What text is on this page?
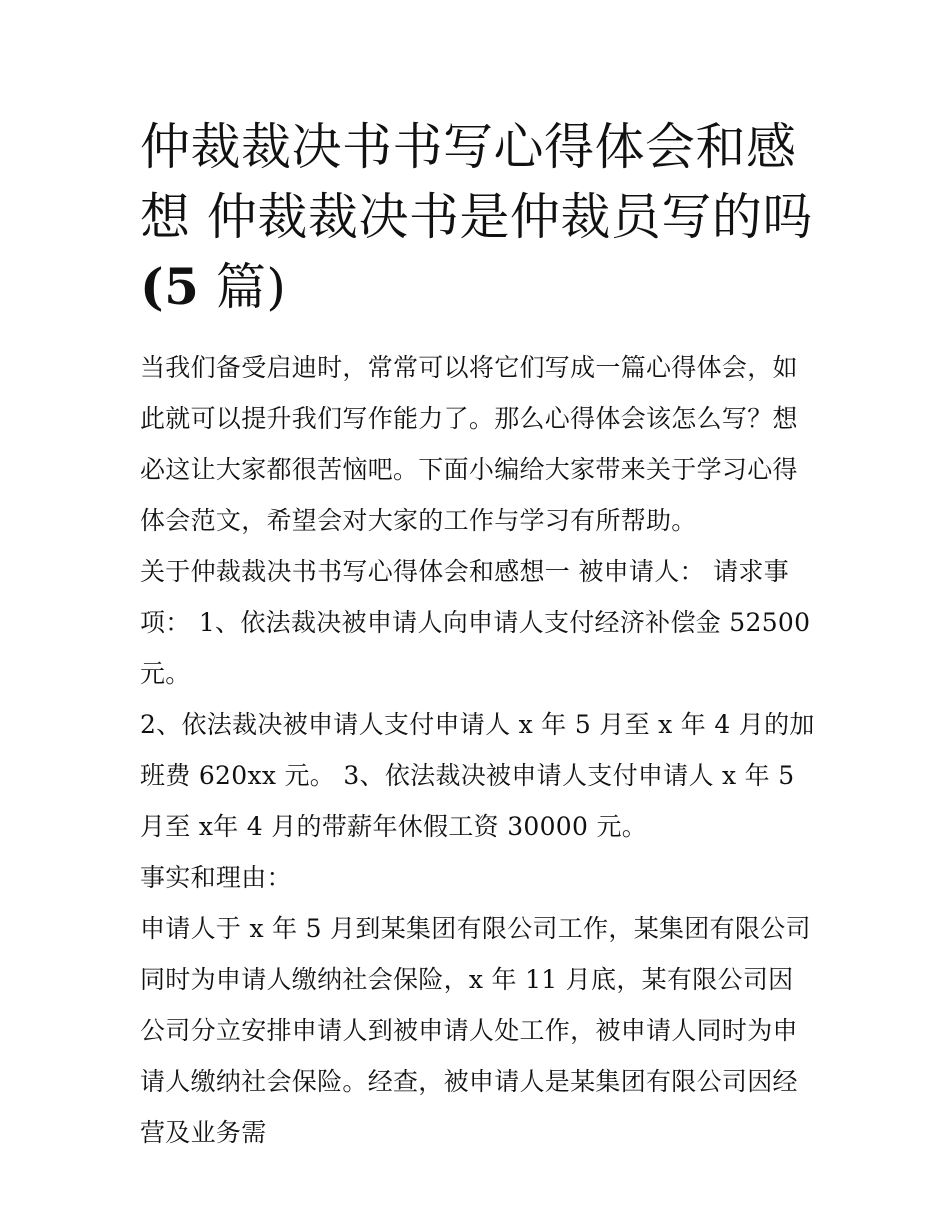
仲裁裁决书书写心得体会和感
想 仲裁裁决书是仲裁员写的吗
(5 篇)

当我们备受启迪时，常常可以将它们写成一篇心得体会，如此就可以提升我们写作能力了。那么心得体会该怎么写？想必这让大家都很苦恼吧。下面小编给大家带来关于学习心得体会范文，希望会对大家的工作与学习有所帮助。

关于仲裁裁决书书写心得体会和感想一 被申请人： 请求事项： 1、依法裁决被申请人向申请人支付经济补偿金 52500元。

2、依法裁决被申请人支付申请人 x 年 5 月至 x 年 4 月的加班费 620xx 元。 3、依法裁决被申请人支付申请人 x 年 5 月至 x年 4 月的带薪年休假工资 30000 元。

事实和理由：

申请人于 x 年 5 月到某集团有限公司工作，某集团有限公司同时为申请人缴纳社会保险，x 年 11 月底，某有限公司因公司分立安排申请人到被申请人处工作，被申请人同时为申请人缴纳社会保险。经查，被申请人是某集团有限公司因经营及业务需
